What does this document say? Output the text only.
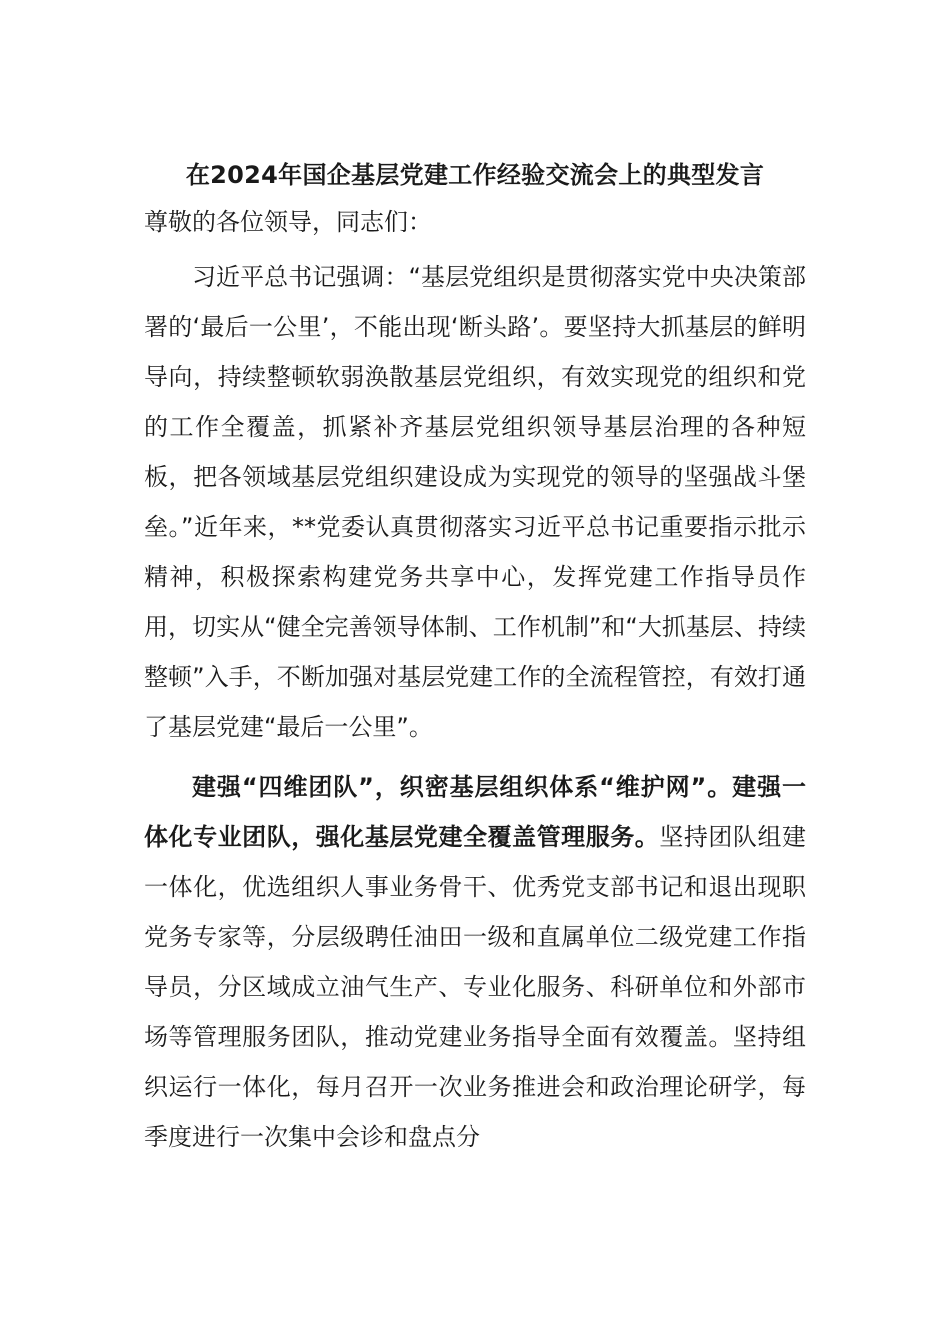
在2024年国企基层党建工作经验交流会上的典型发言

尊敬的各位领导，同志们：

习近平总书记强调：“基层党组织是贯彻落实党中央决策部署的‘最后一公里’，不能出现‘断头路’。要坚持大抓基层的鲜明导向，持续整顿软弱涣散基层党组织，有效实现党的组织和党的工作全覆盖，抓紧补齐基层党组织领导基层治理的各种短板，把各领域基层党组织建设成为实现党的领导的坚强战斗堡垒。”近年来，**党委认真贯彻落实习近平总书记重要指示批示精神，积极探索构建党务共享中心，发挥党建工作指导员作用，切实从“健全完善领导体制、工作机制”和“大抓基层、持续整顿”入手，不断加强对基层党建工作的全流程管控，有效打通了基层党建“最后一公里”。

建强“四维团队”，织密基层组织体系“维护网”。建强一体化专业团队，强化基层党建全覆盖管理服务。坚持团队组建一体化，优选组织人事业务骨干、优秀党支部书记和退出现职党务专家等，分层级聘任油田一级和直属单位二级党建工作指导员，分区域成立油气生产、专业化服务、科研单位和外部市场等管理服务团队，推动党建业务指导全面有效覆盖。坚持组织运行一体化，每月召开一次业务推进会和政治理论研学，每季度进行一次集中会诊和盘点分
